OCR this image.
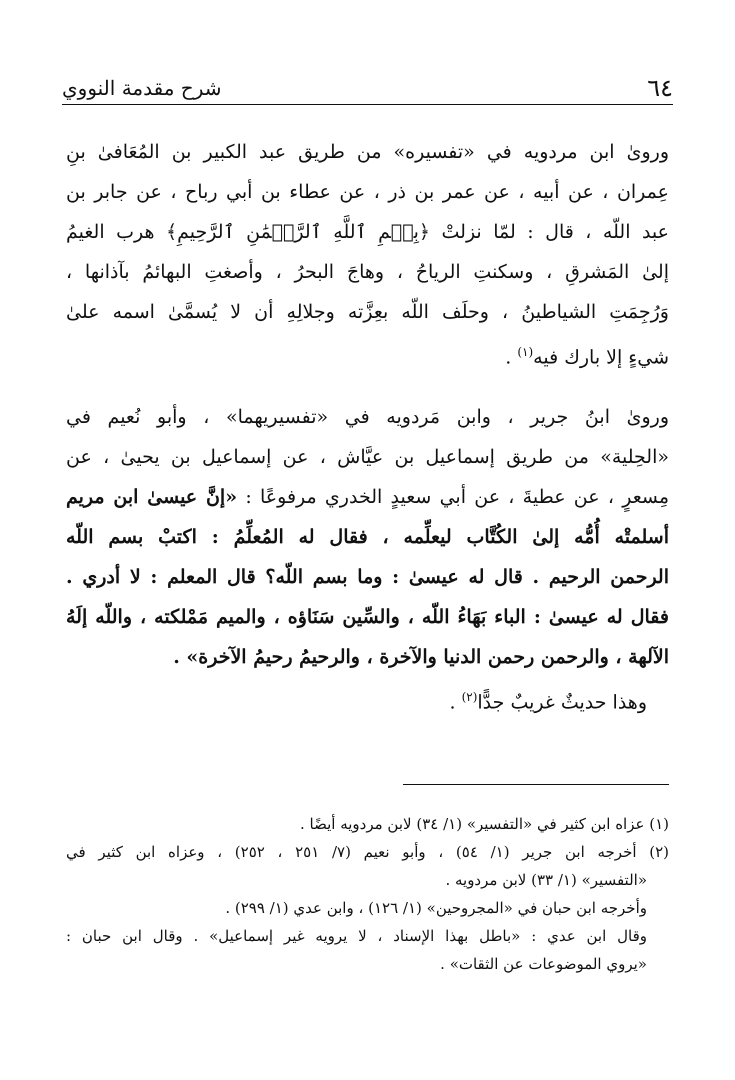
٦٤
شرح مقدمة النووي

ورویٰ ابن مردویه في «تفسیره» من طریق عبد الکبیر بن المُعَافیٰ بنِ
عِمران ، عن أبیه ، عن عمر بن ذر ، عن عطاء بن أبي رباح ، عن جابر بن
عبد اللّه ، قال : لمّا نزلتْ ﴿بِسۡمِ ٱللَّهِ ٱلرَّحۡمَٰنِ ٱلرَّحِيمِ﴾ هرب الغیمُ
إلیٰ المَشرقِ ، وسکنتِ الریاحُ ، وهاجَ البحرُ ، وأصغتِ البهائمُ بآذانها ،
وَرُجِمَتِ الشیاطینُ ، وحلَف اللّه بعِزَّته وجلالِهِ أن لا یُسمَّیٰ اسمه علیٰ
شيءٍ إلا بارك فیه$^{(١)}$ .

ورویٰ ابنُ جریر ، وابن مَردویه في «تفسیریهما» ، وأبو نُعیم في
«الحِلیة» من طریق إسماعیل بن عیَّاش ، عن إسماعیل بن یحییٰ ، عن
مِسعرٍ ، عن عطیةَ ، عن أبي سعیدٍ الخدري مرفوعًا : «إنَّ عیسیٰ ابن مریم
أسلمتْه أُمُّه إلیٰ الکُتَّاب لیعلِّمه ، فقال له المُعلِّمُ : اکتبْ بسم اللّه
الرحمن الرحیم . قال له عیسیٰ : وما بسم اللّه؟ قال المعلم : لا أدري .
فقال له عیسیٰ : الباء بَهَاءُ اللّه ، والسِّین سَنَاؤه ، والمیم مَمْلکته ، واللّه إلَهُ
الآلهة ، والرحمن رحمن الدنیا والآخرة ، والرحیمُ رحیمُ الآخرة» .
وهذا حدیثٌ غریبٌ جدًّا$^{(٢)}$ .

(١) عزاه ابن کثیر في «التفسیر» (١/ ٣٤) لابن مردویه أیضًا .
(٢) أخرجه ابن جریر (١/ ٥٤) ، وأبو نعیم (٧/ ٢٥١ ، ٢٥٢) ، وعزاه ابن کثیر في
«التفسیر» (١/ ٣٣) لابن مردویه .
وأخرجه ابن حبان في «المجروحین» (١/ ١٢٦) ، وابن عدي (١/ ٢٩٩) .
وقال ابن عدي : «باطل بهذا الإسناد ، لا یرویه غیر إسماعیل» . وقال ابن حبان :
«یروي الموضوعات عن الثقات» .
